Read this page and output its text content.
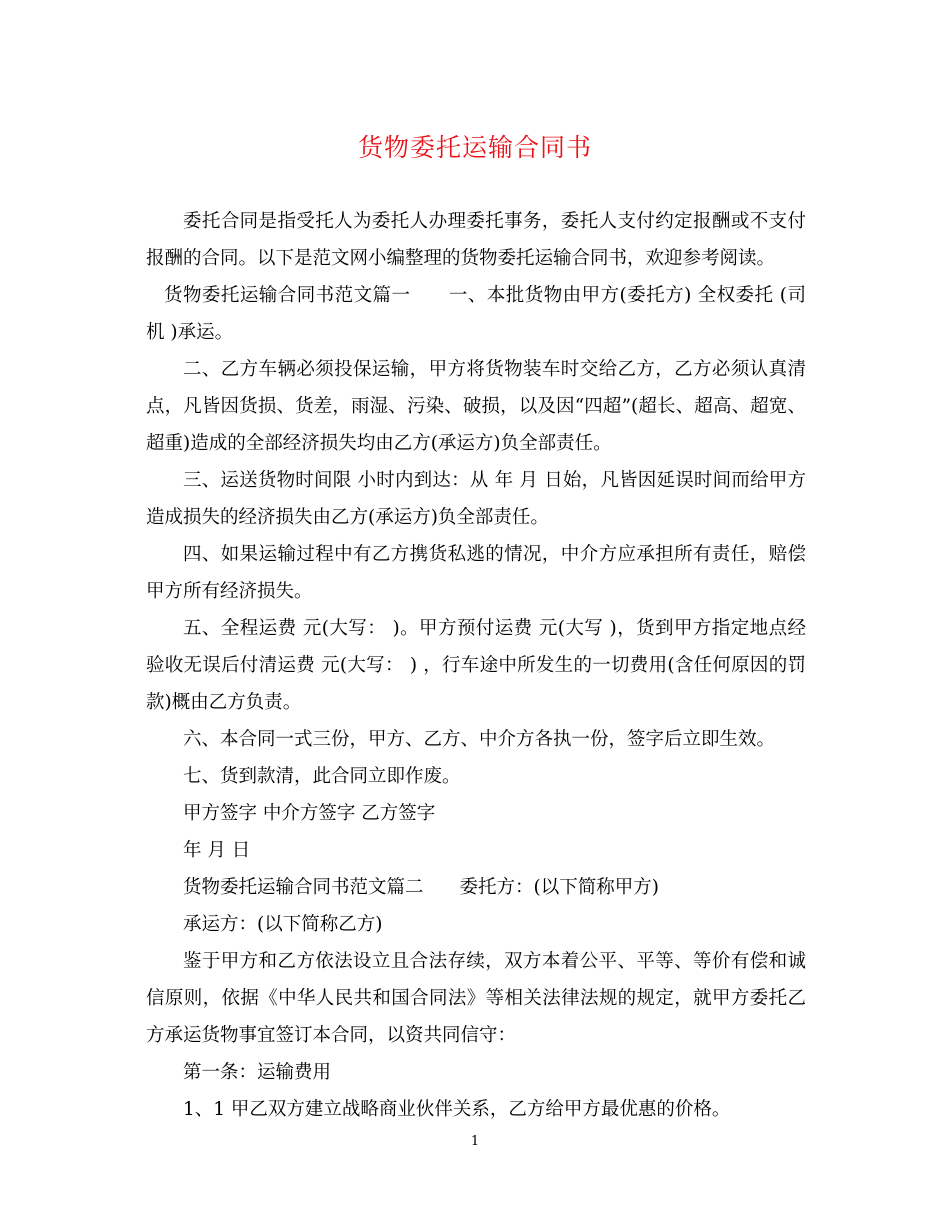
货物委托运输合同书

委托合同是指受托人为委托人办理委托事务，委托人支付约定报酬或不支付报酬的合同。以下是范文网小编整理的货物委托运输合同书，欢迎参考阅读。

货物委托运输合同书范文篇一 一、本批货物由甲方(委托方) 全权委托 (司机 )承运。

二、乙方车辆必须投保运输，甲方将货物装车时交给乙方，乙方必须认真清点，凡皆因货损、货差，雨湿、污染、破损，以及因“四超”(超长、超高、超宽、超重)造成的全部经济损失均由乙方(承运方)负全部责任。

三、运送货物时间限 小时内到达：从 年 月 日始，凡皆因延误时间而给甲方造成损失的经济损失由乙方(承运方)负全部责任。

四、如果运输过程中有乙方携货私逃的情况，中介方应承担所有责任，赔偿甲方所有经济损失。

五、全程运费 元(大写： )。甲方预付运费 元(大写 )，货到甲方指定地点经验收无误后付清运费 元(大写： ) ，行车途中所发生的一切费用(含任何原因的罚款)概由乙方负责。

六、本合同一式三份，甲方、乙方、中介方各执一份，签字后立即生效。

七、货到款清，此合同立即作废。

甲方签字 中介方签字 乙方签字

年 月 日

货物委托运输合同书范文篇二 委托方：(以下简称甲方)

承运方：(以下简称乙方)

鉴于甲方和乙方依法设立且合法存续，双方本着公平、平等、等价有偿和诚信原则，依据《中华人民共和国合同法》等相关法律法规的规定，就甲方委托乙方承运货物事宜签订本合同，以资共同信守：

第一条：运输费用

1、1 甲乙双方建立战略商业伙伴关系，乙方给甲方最优惠的价格。

1
